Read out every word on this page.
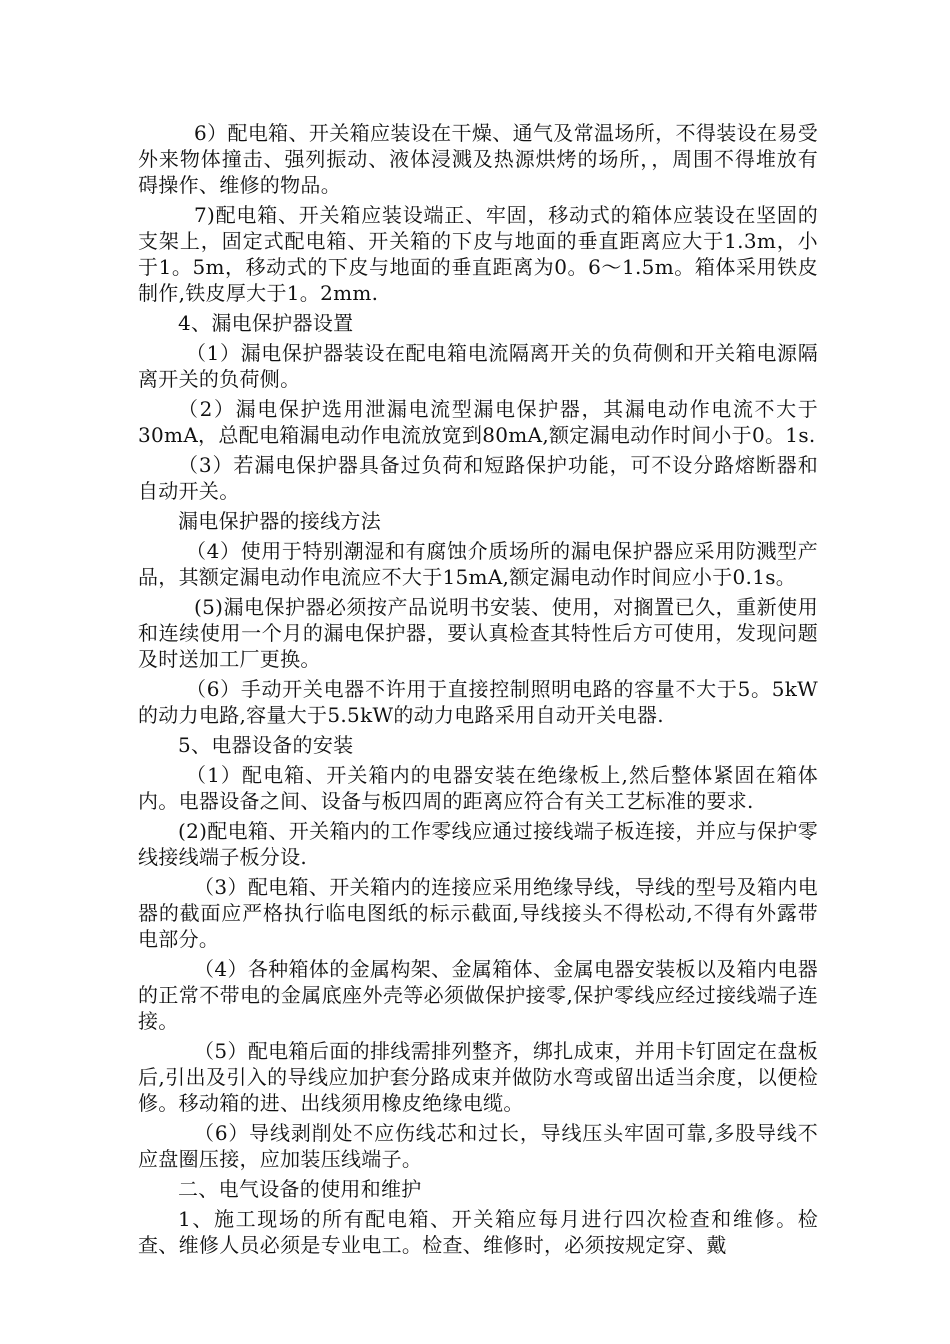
6）配电箱、开关箱应装设在干燥、通气及常温场所，不得装设在易受外来物体撞击、强列振动、液体浸溅及热源烘烤的场所，，周围不得堆放有碍操作、维修的物品。

7)配电箱、开关箱应装设端正、牢固，移动式的箱体应装设在坚固的支架上，固定式配电箱、开关箱的下皮与地面的垂直距离应大于1.3m，小于1。5m，移动式的下皮与地面的垂直距离为0。6～1.5m。箱体采用铁皮制作,铁皮厚大于1。2mm.

4、漏电保护器设置

（1）漏电保护器装设在配电箱电流隔离开关的负荷侧和开关箱电源隔离开关的负荷侧。

（2）漏电保护选用泄漏电流型漏电保护器，其漏电动作电流不大于30mA，总配电箱漏电动作电流放宽到80mA,额定漏电动作时间小于0。1s.

（3）若漏电保护器具备过负荷和短路保护功能，可不设分路熔断器和自动开关。

漏电保护器的接线方法

（4）使用于特别潮湿和有腐蚀介质场所的漏电保护器应采用防溅型产品，其额定漏电动作电流应不大于15mA,额定漏电动作时间应小于0.1s。

(5)漏电保护器必须按产品说明书安装、使用，对搁置已久，重新使用和连续使用一个月的漏电保护器，要认真检查其特性后方可使用，发现问题及时送加工厂更换。

（6）手动开关电器不许用于直接控制照明电路的容量不大于5。5kW的动力电路,容量大于5.5kW的动力电路采用自动开关电器.

5、电器设备的安装

（1）配电箱、开关箱内的电器安装在绝缘板上,然后整体紧固在箱体内。电器设备之间、设备与板四周的距离应符合有关工艺标准的要求.

(2)配电箱、开关箱内的工作零线应通过接线端子板连接，并应与保护零线接线端子板分设.

（3）配电箱、开关箱内的连接应采用绝缘导线，导线的型号及箱内电器的截面应严格执行临电图纸的标示截面,导线接头不得松动,不得有外露带电部分。

（4）各种箱体的金属构架、金属箱体、金属电器安装板以及箱内电器的正常不带电的金属底座外壳等必须做保护接零,保护零线应经过接线端子连接。

（5）配电箱后面的排线需排列整齐，绑扎成束，并用卡钉固定在盘板后,引出及引入的导线应加护套分路成束并做防水弯或留出适当余度，以便检修。移动箱的进、出线须用橡皮绝缘电缆。

（6）导线剥削处不应伤线芯和过长，导线压头牢固可靠,多股导线不应盘圈压接，应加装压线端子。

二、电气设备的使用和维护

1、施工现场的所有配电箱、开关箱应每月进行四次检查和维修。检查、维修人员必须是专业电工。检查、维修时，必须按规定穿、戴
